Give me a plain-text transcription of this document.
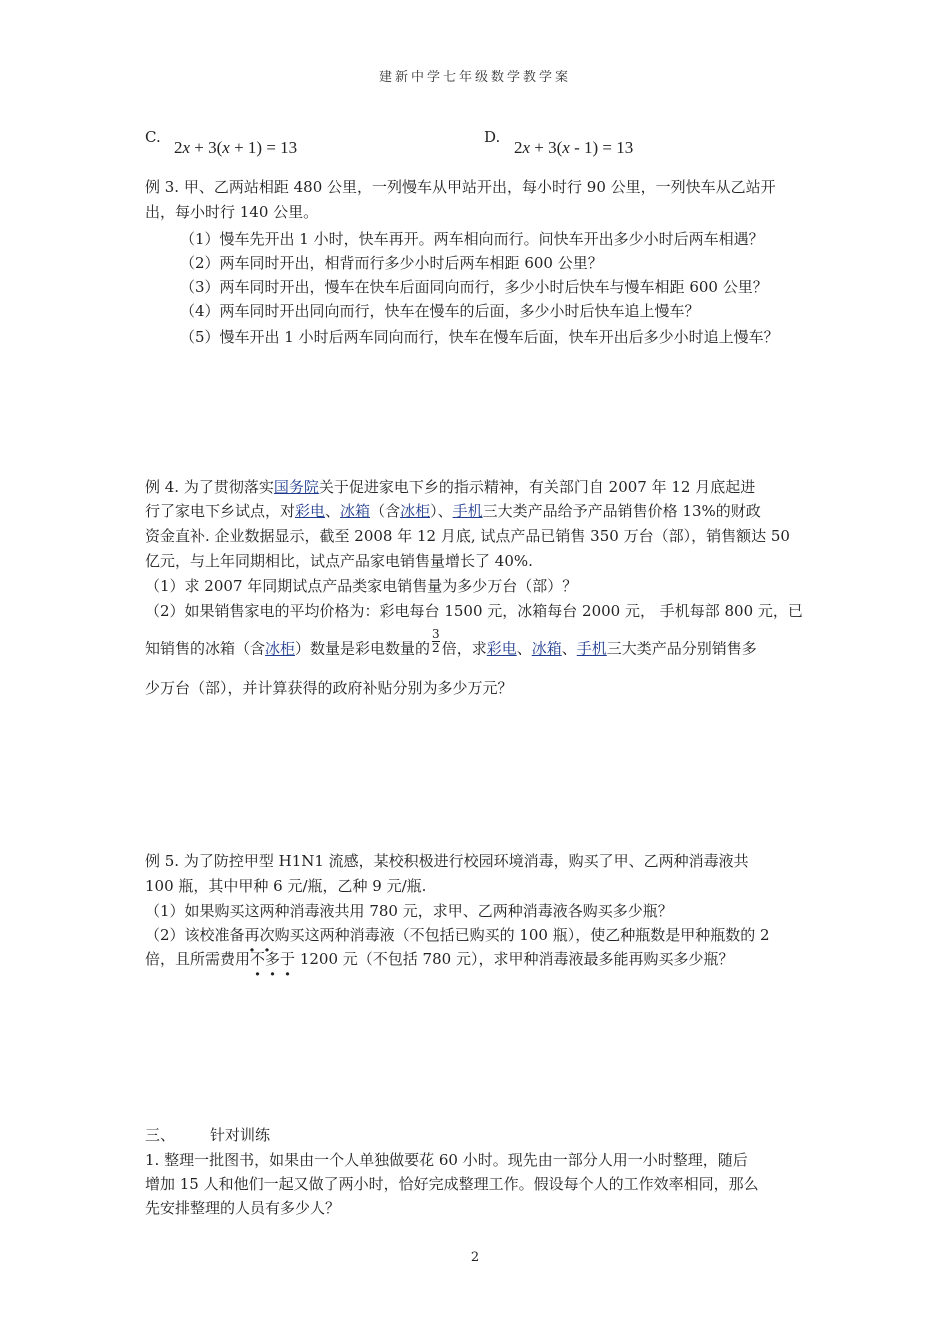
建新中学七年级数学教学案
C.
2x + 3(x + 1) = 13
D.
2x + 3(x - 1) = 13
例 3. 甲、乙两站相距 480 公里，一列慢车从甲站开出，每小时行 90 公里，一列快车从乙站开
出，每小时行 140 公里。
（1）慢车先开出 1 小时，快车再开。两车相向而行。问快车开出多少小时后两车相遇？
（2）两车同时开出，相背而行多少小时后两车相距 600 公里？
（3）两车同时开出，慢车在快车后面同向而行，多少小时后快车与慢车相距 600 公里？
（4）两车同时开出同向而行，快车在慢车的后面，多少小时后快车追上慢车？
（5）慢车开出 1 小时后两车同向而行，快车在慢车后面，快车开出后多少小时追上慢车？
例 4. 为了贯彻落实国务院关于促进家电下乡的指示精神，有关部门自 2007 年 12 月底起进
行了家电下乡试点，对彩电、冰箱（含冰柜）、手机三大类产品给予产品销售价格 13%的财政
资金直补. 企业数据显示，截至 2008 年 12 月底, 试点产品已销售 350 万台（部），销售额达 50
亿元，与上年同期相比，试点产品家电销售量增长了 40%.
（1）求 2007 年同期试点产品类家电销售量为多少万台（部）？
（2）如果销售家电的平均价格为：彩电每台 1500 元，冰箱每台 2000 元， 手机每部 800 元，已
知销售的冰箱（含冰柜）数量是彩电数量的 $\frac{3}{2}$ 倍，求彩电、冰箱、手机三大类产品分别销售多
少万台（部），并计算获得的政府补贴分别为多少万元？
例 5. 为了防控甲型 H1N1 流感，某校积极进行校园环境消毒，购买了甲、乙两种消毒液共
100 瓶，其中甲种 6 元/瓶，乙种 9 元/瓶.
（1）如果购买这两种消毒液共用 780 元，求甲、乙两种消毒液各购买多少瓶？
（2）该校准备再次购买这两种消毒液（不包括已购买的 100 瓶），使乙种瓶数是甲种瓶数的 2
倍，且所需费用不多于 1200 元（不包括 780 元），求甲种消毒液最多能再购买多少瓶？
三、 针对训练
1. 整理一批图书，如果由一个人单独做要花 60 小时。现先由一部分人用一小时整理，随后
增加 15 人和他们一起又做了两小时，恰好完成整理工作。假设每个人的工作效率相同，那么
先安排整理的人员有多少人？
2
